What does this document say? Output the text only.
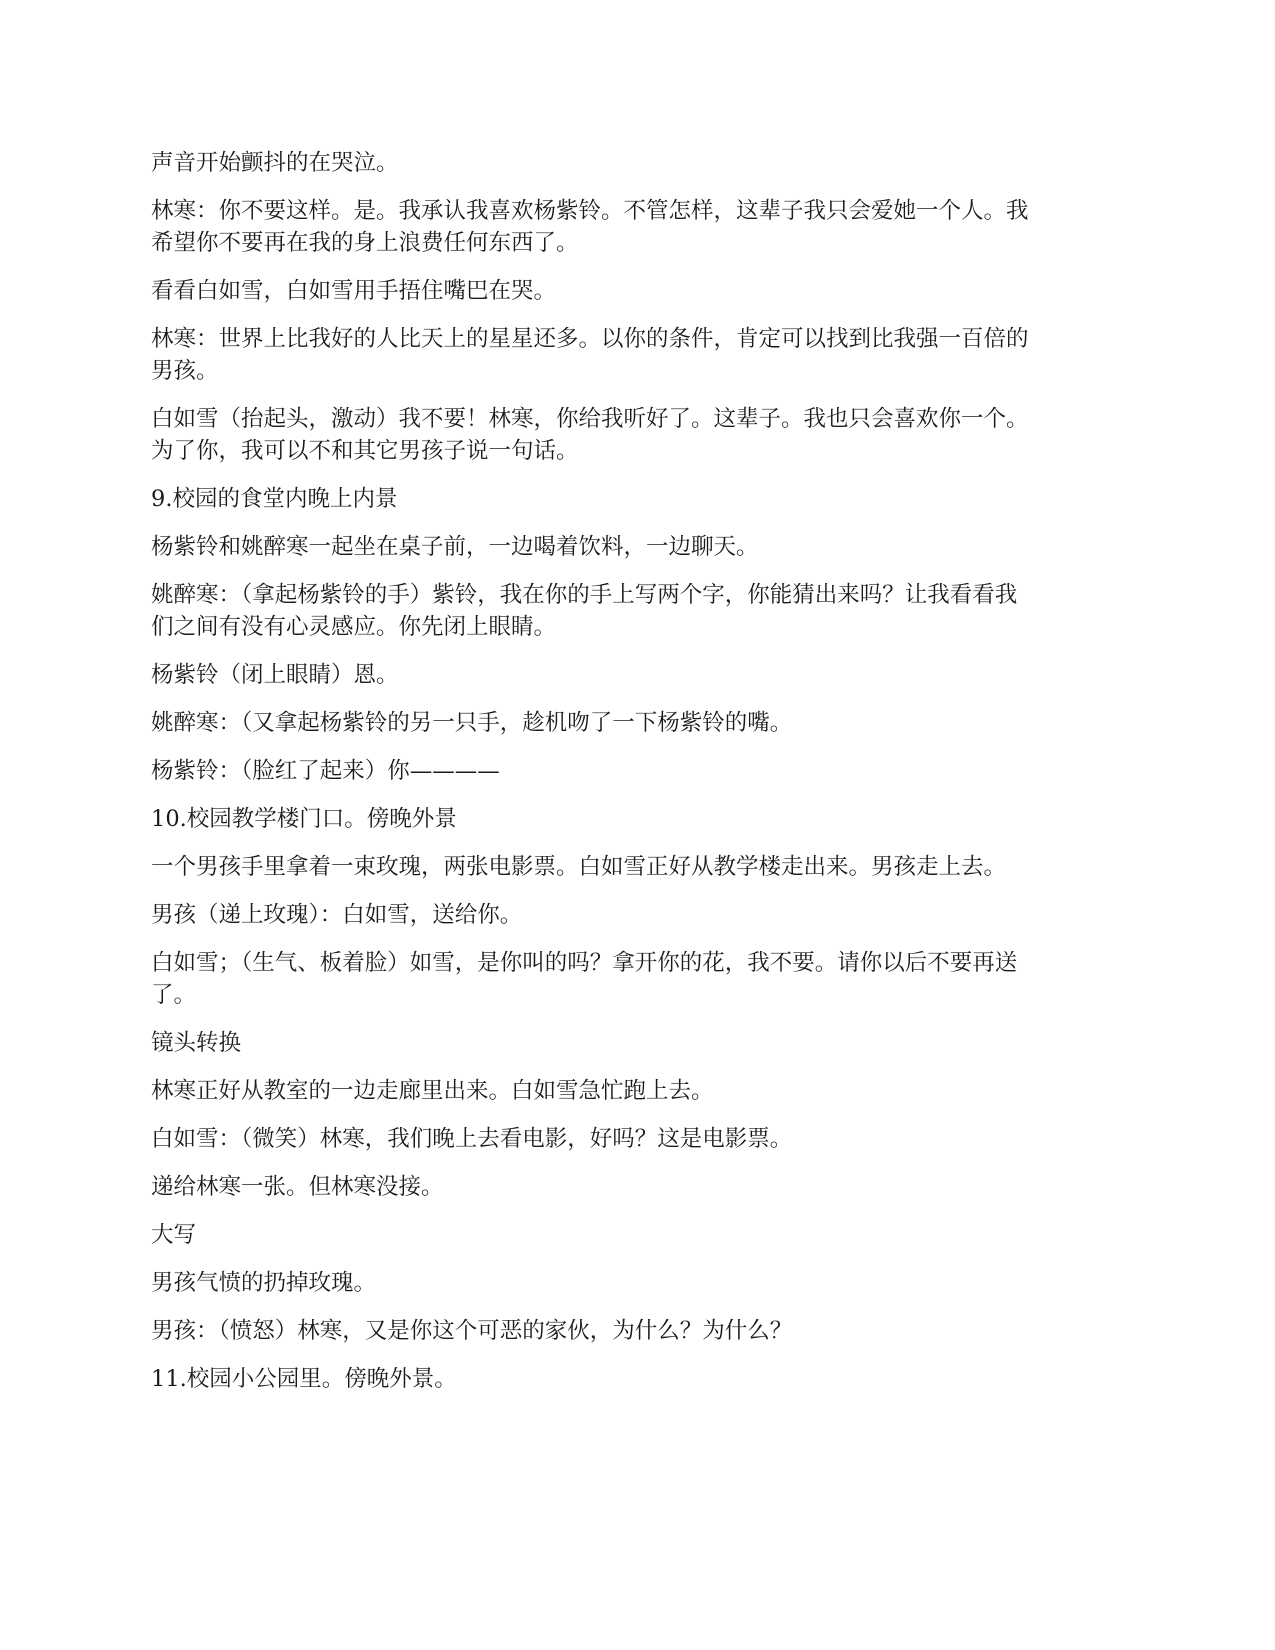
声音开始颤抖的在哭泣。

林寒：你不要这样。是。我承认我喜欢杨紫铃。不管怎样，这辈子我只会爱她一个人。我
希望你不要再在我的身上浪费任何东西了。

看看白如雪，白如雪用手捂住嘴巴在哭。

林寒：世界上比我好的人比天上的星星还多。以你的条件，肯定可以找到比我强一百倍的
男孩。

白如雪（抬起头，激动）我不要！林寒，你给我听好了。这辈子。我也只会喜欢你一个。
为了你，我可以不和其它男孩子说一句话。

9.校园的食堂内晚上内景

杨紫铃和姚醉寒一起坐在桌子前，一边喝着饮料，一边聊天。

姚醉寒：（拿起杨紫铃的手）紫铃，我在你的手上写两个字，你能猜出来吗？让我看看我
们之间有没有心灵感应。你先闭上眼睛。

杨紫铃（闭上眼睛）恩。

姚醉寒：（又拿起杨紫铃的另一只手，趁机吻了一下杨紫铃的嘴。

杨紫铃：（脸红了起来）你————

10.校园教学楼门口。傍晚外景

一个男孩手里拿着一束玫瑰，两张电影票。白如雪正好从教学楼走出来。男孩走上去。

男孩（递上玫瑰）：白如雪，送给你。

白如雪；（生气、板着脸）如雪，是你叫的吗？拿开你的花，我不要。请你以后不要再送
了。

镜头转换

林寒正好从教室的一边走廊里出来。白如雪急忙跑上去。

白如雪：（微笑）林寒，我们晚上去看电影，好吗？这是电影票。

递给林寒一张。但林寒没接。

大写

男孩气愤的扔掉玫瑰。

男孩：（愤怒）林寒，又是你这个可恶的家伙，为什么？为什么？

11.校园小公园里。傍晚外景。
